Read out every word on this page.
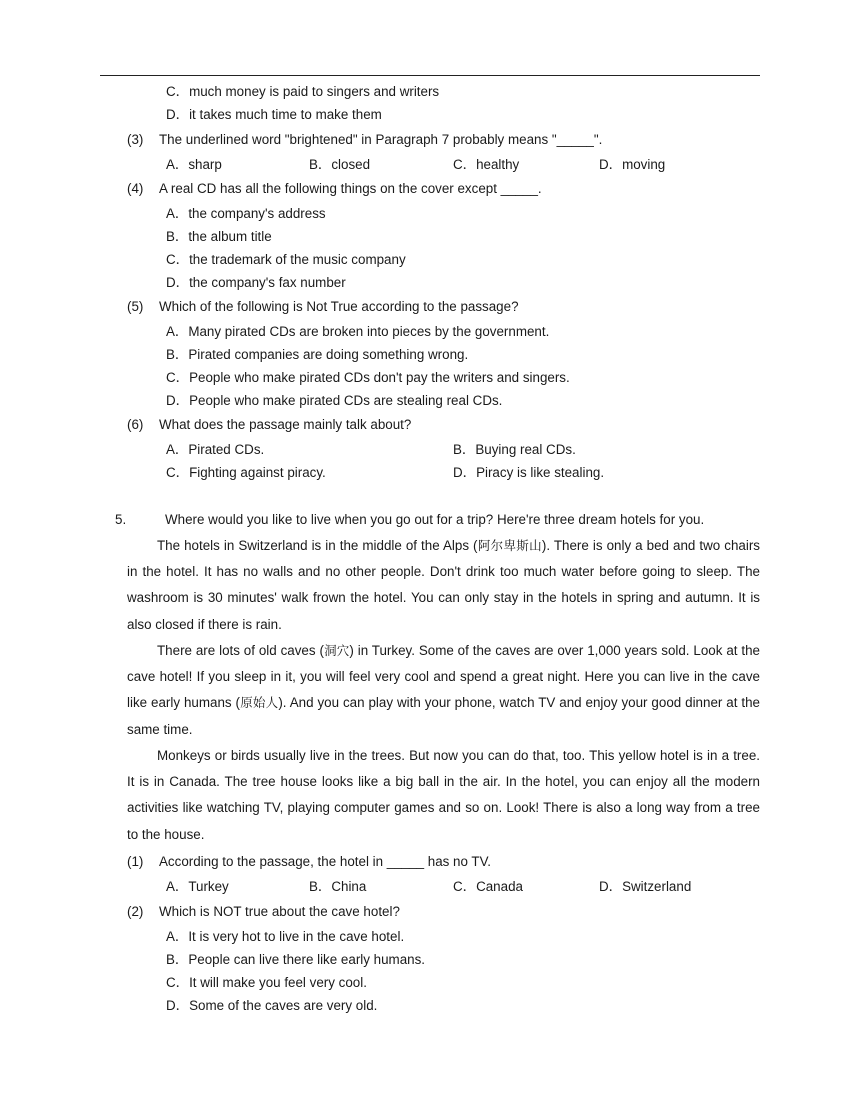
C．much money is paid to singers and writers
D．it takes much time to make them
(3) The underlined word "brightened" in Paragraph 7 probably means "_____".
A．sharp	B．closed	C．healthy	D．moving
(4) A real CD has all the following things on the cover except _____.
A．the company's address
B．the album title
C．the trademark of the music company
D．the company's fax number
(5) Which of the following is Not True according to the passage?
A．Many pirated CDs are broken into pieces by the government.
B．Pirated companies are doing something wrong.
C．People who make pirated CDs don't pay the writers and singers.
D．People who make pirated CDs are stealing real CDs.
(6) What does the passage mainly talk about?
A．Pirated CDs.	B．Buying real CDs.
C．Fighting against piracy.	D．Piracy is like stealing.
5.	Where would you like to live when you go out for a trip? Here're three dream hotels for you.
The hotels in Switzerland is in the middle of the Alps (阿尔卑斯山). There is only a bed and two chairs in the hotel. It has no walls and no other people. Don't drink too much water before going to sleep. The washroom is 30 minutes' walk frown the hotel. You can only stay in the hotels in spring and autumn. It is also closed if there is rain.
There are lots of old caves (洞穴) in Turkey. Some of the caves are over 1,000 years sold. Look at the cave hotel! If you sleep in it, you will feel very cool and spend a great night. Here you can live in the cave like early humans (原始人). And you can play with your phone, watch TV and enjoy your good dinner at the same time.
Monkeys or birds usually live in the trees. But now you can do that, too. This yellow hotel is in a tree. It is in Canada. The tree house looks like a big ball in the air. In the hotel, you can enjoy all the modern activities like watching TV, playing computer games and so on. Look! There is also a long way from a tree to the house.
(1) According to the passage, the hotel in _____ has no TV.
A．Turkey	B．China	C．Canada	D．Switzerland
(2) Which is NOT true about the cave hotel?
A．It is very hot to live in the cave hotel.
B．People can live there like early humans.
C．It will make you feel very cool.
D．Some of the caves are very old.
